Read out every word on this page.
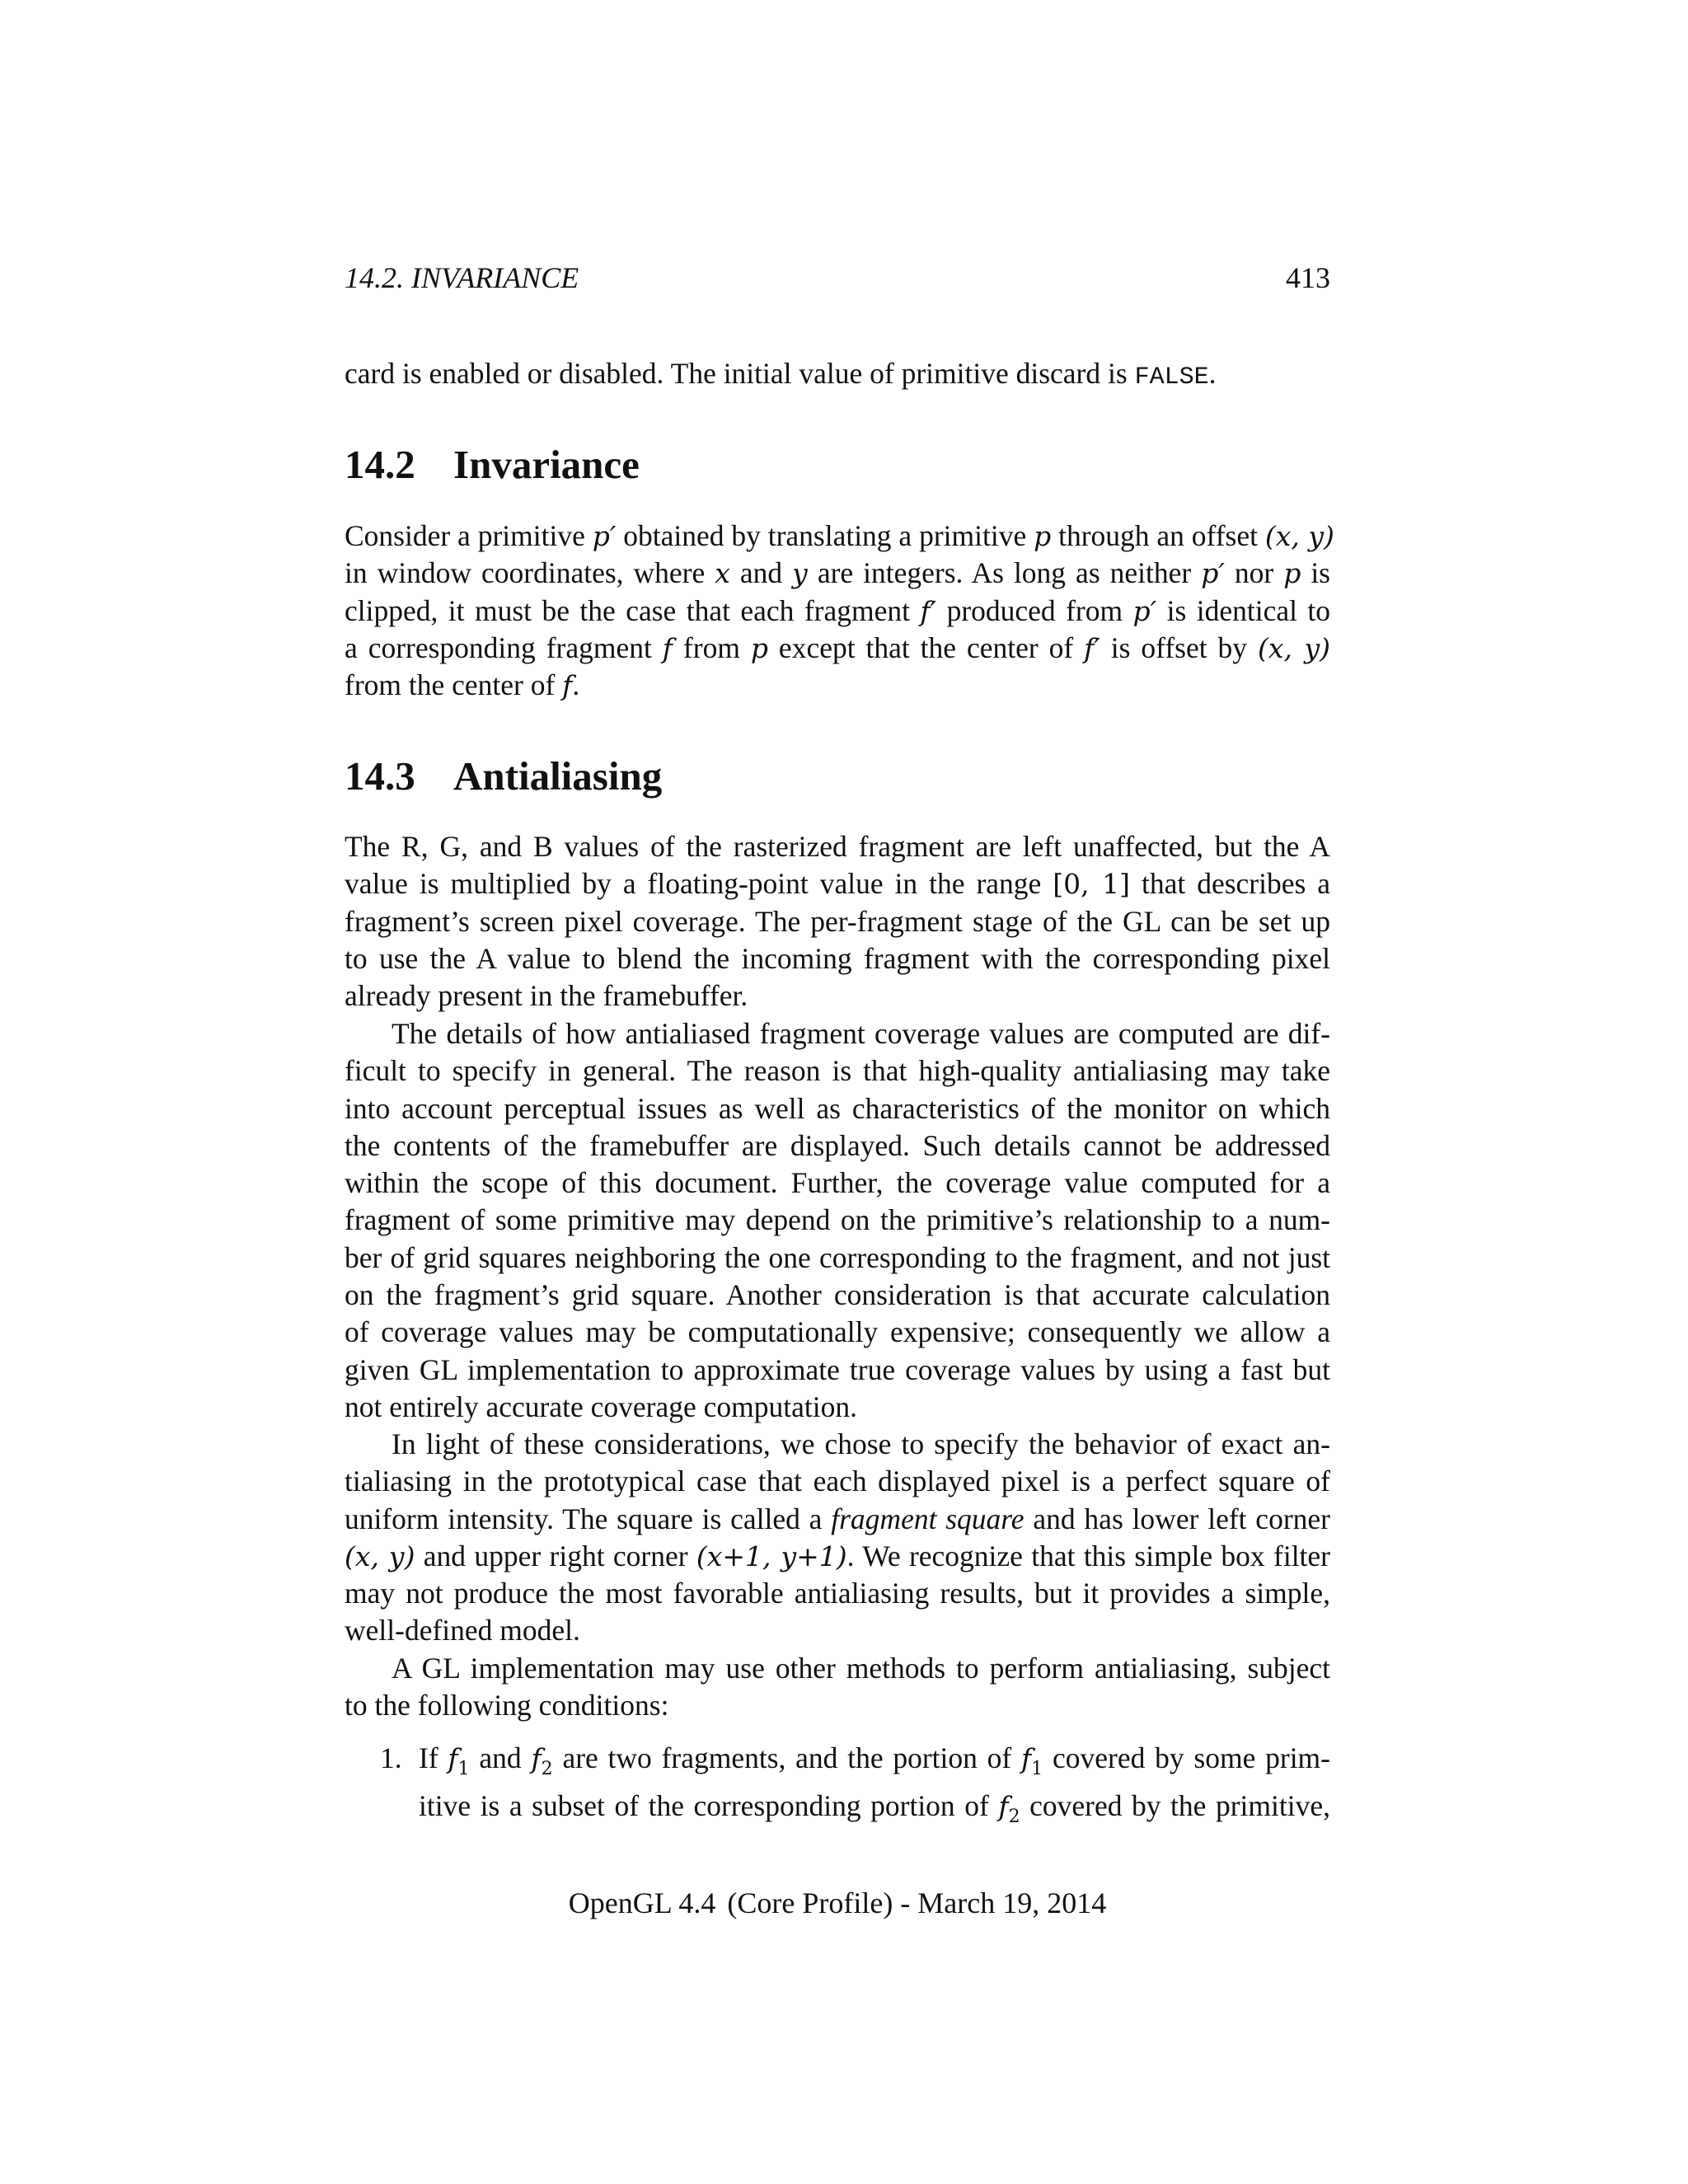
14.2. INVARIANCE	413
card is enabled or disabled. The initial value of primitive discard is FALSE.
14.2 Invariance
Consider a primitive p′ obtained by translating a primitive p through an offset (x, y)
in window coordinates, where x and y are integers. As long as neither p′ nor p is
clipped, it must be the case that each fragment f′ produced from p′ is identical to
a corresponding fragment f from p except that the center of f′ is offset by (x, y)
from the center of f.
14.3 Antialiasing
The R, G, and B values of the rasterized fragment are left unaffected, but the A
value is multiplied by a floating-point value in the range [0, 1] that describes a
fragment’s screen pixel coverage. The per-fragment stage of the GL can be set up
to use the A value to blend the incoming fragment with the corresponding pixel
already present in the framebuffer.
The details of how antialiased fragment coverage values are computed are dif-
ficult to specify in general. The reason is that high-quality antialiasing may take
into account perceptual issues as well as characteristics of the monitor on which
the contents of the framebuffer are displayed. Such details cannot be addressed
within the scope of this document. Further, the coverage value computed for a
fragment of some primitive may depend on the primitive’s relationship to a num-
ber of grid squares neighboring the one corresponding to the fragment, and not just
on the fragment’s grid square. Another consideration is that accurate calculation
of coverage values may be computationally expensive; consequently we allow a
given GL implementation to approximate true coverage values by using a fast but
not entirely accurate coverage computation.
In light of these considerations, we chose to specify the behavior of exact an-
tialiasing in the prototypical case that each displayed pixel is a perfect square of
uniform intensity. The square is called a fragment square and has lower left corner
(x, y) and upper right corner (x+1, y+1). We recognize that this simple box filter
may not produce the most favorable antialiasing results, but it provides a simple,
well-defined model.
A GL implementation may use other methods to perform antialiasing, subject
to the following conditions:
1. If $f_1$ and $f_2$ are two fragments, and the portion of $f_1$ covered by some prim-
itive is a subset of the corresponding portion of $f_2$ covered by the primitive,
OpenGL 4.4 (Core Profile) - March 19, 2014
